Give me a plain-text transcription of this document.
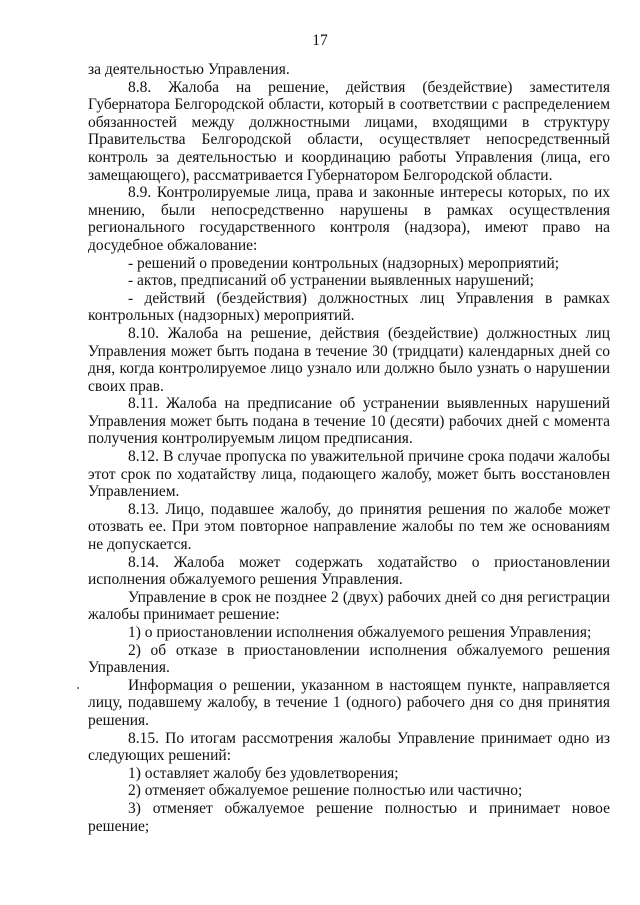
17

за деятельностью Управления.

8.8. Жалоба на решение, действия (бездействие) заместителя Губернатора Белгородской области, который в соответствии с распределением обязанностей между должностными лицами, входящими в структуру Правительства Белгородской области, осуществляет непосредственный контроль за деятельностью и координацию работы Управления (лица, его замещающего), рассматривается Губернатором Белгородской области.

8.9. Контролируемые лица, права и законные интересы которых, по их мнению, были непосредственно нарушены в рамках осуществления регионального государственного контроля (надзора), имеют право на досудебное обжалование:

- решений о проведении контрольных (надзорных) мероприятий;

- актов, предписаний об устранении выявленных нарушений;

- действий (бездействия) должностных лиц Управления в рамках контрольных (надзорных) мероприятий.

8.10. Жалоба на решение, действия (бездействие) должностных лиц Управления может быть подана в течение 30 (тридцати) календарных дней со дня, когда контролируемое лицо узнало или должно было узнать о нарушении своих прав.

8.11. Жалоба на предписание об устранении выявленных нарушений Управления может быть подана в течение 10 (десяти) рабочих дней с момента получения контролируемым лицом предписания.

8.12. В случае пропуска по уважительной причине срока подачи жалобы этот срок по ходатайству лица, подающего жалобу, может быть восстановлен Управлением.

8.13. Лицо, подавшее жалобу, до принятия решения по жалобе может отозвать ее. При этом повторное направление жалобы по тем же основаниям не допускается.

8.14. Жалоба может содержать ходатайство о приостановлении исполнения обжалуемого решения Управления.

Управление в срок не позднее 2 (двух) рабочих дней со дня регистрации жалобы принимает решение:

1) о приостановлении исполнения обжалуемого решения Управления;

2) об отказе в приостановлении исполнения обжалуемого решения Управления.

Информация о решении, указанном в настоящем пункте, направляется лицу, подавшему жалобу, в течение 1 (одного) рабочего дня со дня принятия решения.

8.15. По итогам рассмотрения жалобы Управление принимает одно из следующих решений:

1) оставляет жалобу без удовлетворения;

2) отменяет обжалуемое решение полностью или частично;

3) отменяет обжалуемое решение полностью и принимает новое решение;
